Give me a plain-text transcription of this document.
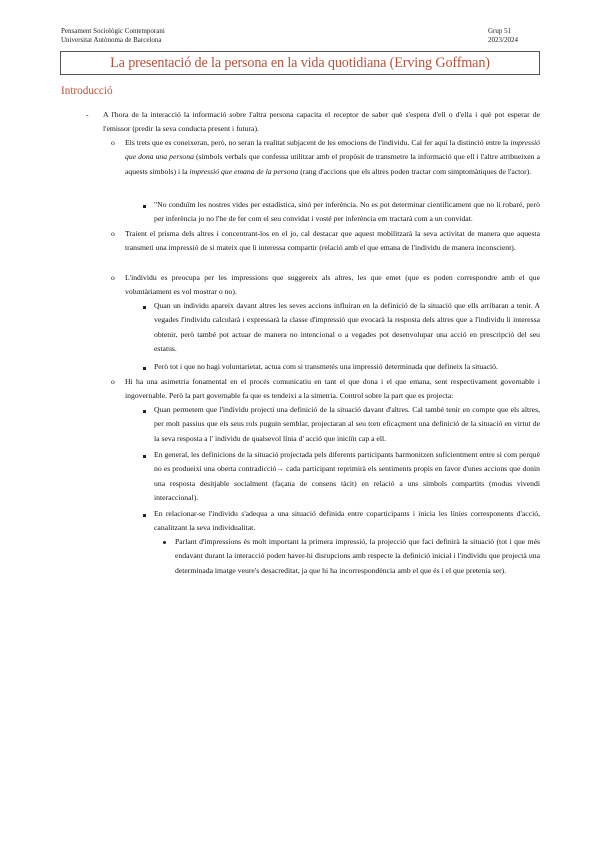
Pensament Sociològic Contemporani
Universitat Autònoma de Barcelona
Grup 51
2023/2024
La presentació de la persona en la vida quotidiana (Erving Goffman)
Introducció
- A l'hora de la interacció la informació sobre l'altra persona capacita el receptor de saber què s'espera d'ell o d'ella i què pot esperar de l'emissor (predir la seva conducta present i futura).
o Els trets que es coneixeran, però, no seran la realitat subjacent de les emocions de l'individu. Cal fer aquí la distinció entre la impressió que dona una persona (símbols verbals que confessa utilitzar amb el propòsit de transmetre la informació que ell i l'altre atribueixen a aquests símbols) i la impressió que emana de la persona (rang d'accions que els altres poden tractar com simptomàtiques de l'actor).
"No conduïm les nostres vides per estadística, sinó per inferència. No es pot determinar científicament que no li robaré, però per inferència jo no l'he de fer com el seu convidat i vosté per inferència em tractarà com a un convidat.
o Traient el prisma dels altres i concentrant-los en el jo, cal destacar que aquest mobilitzarà la seva activitat de manera que aquesta transmeti una impressió de si mateix que li interessa compartir (relació amb el que emana de l'individu de manera inconscient).
o L'individu es preocupa per les impressions que suggereix als altres, les que emet (que es poden correspondre amb el que voluntàriament es vol mostrar o no).
Quan un individu apareix davant altres les seves accions influiran en la definició de la situació que ells arribaran a tenir. A vegades l'individu calcularà i expressarà la classe d'impressió que evocarà la resposta dels altres que a l'individu li interessa obtenir, però també pot actuar de manera no intencional o a vegades pot desenvolupar una acció en prescripció del seu estatus.
Però tot i que no hagi voluntarietat, actua com si transmetés una impressió determinada que defineix la situació.
o Hi ha una asimetria fonamental en el procés comunicatiu en tant el que dona i el que emana, sent respectivament governable i ingovernable. Però la part governable fa que es tendeixi a la simetria. Control sobre la part que es projecta:
Quan permetem que l'individu projecti una definició de la situació davant d'altres. Cal també tenir en compte que els altres, per molt passius que els seus rols puguin semblar, projectaran al seu torn eficaçment una definició de la situació en virtut de la seva resposta a l' individu de qualsevol línia d' acció que iniciïn cap a ell.
En general, les definicions de la situació projectada pels diferents participants harmonitzen suficientment entre si com perquè no es produeixi una oberta contradicció→ cada participant reprimirà els sentiments propis en favor d'unes accions que donin una resposta desitjable socialment (façana de consens tàcit) en relació a uns símbols compartits (modus vivendi interaccional).
En relacionar-se l'individu s'adequa a una situació definida entre coparticipants i inicia les línies corresponents d'acció, canalitzant la seva individualitat.
Parlant d'impressions és molt important la primera impressió, la projecció que faci definirà la situació (tot i que més endavant durant la interacció poden haver-hi disrupcions amb respecte la definició inicial i l'individu que projectà una determinada imatge veure's desacreditat, ja que hi ha incorrespondència amb el que és i el que pretenia ser).
